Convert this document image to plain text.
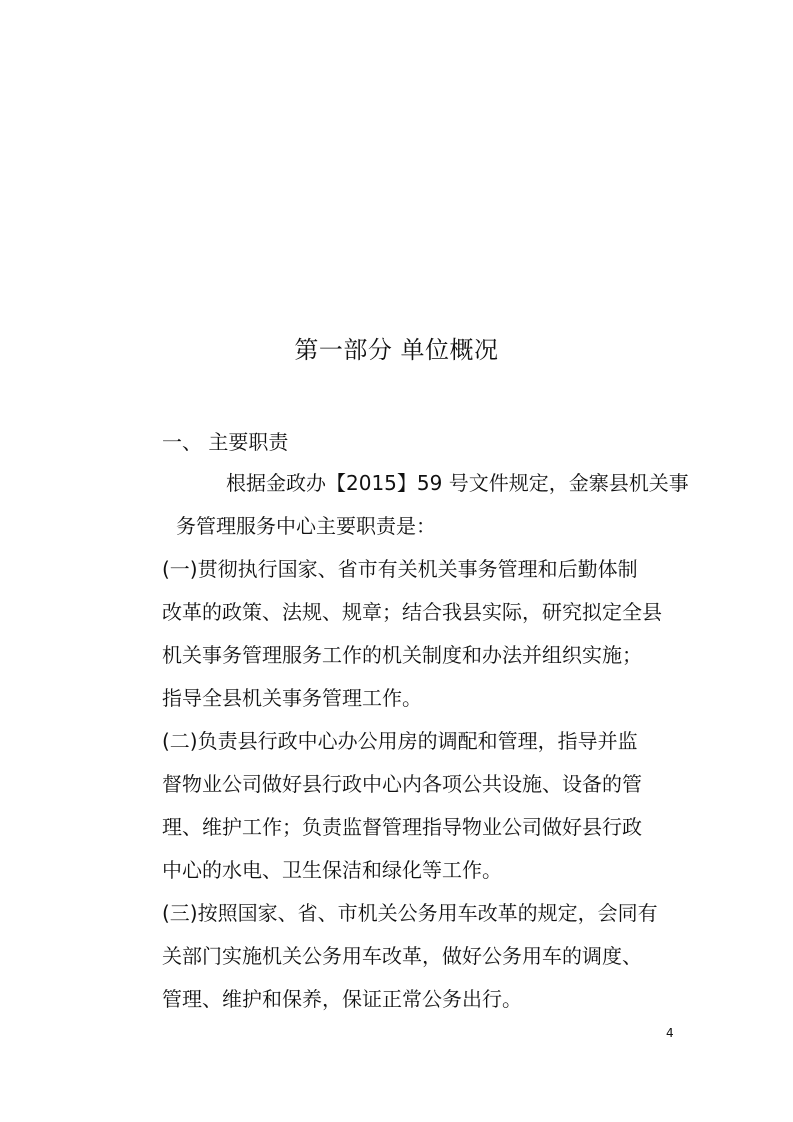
第一部分 单位概况
一、 主要职责
根据金政办【2015】59 号文件规定，金寨县机关事
务管理服务中心主要职责是：
(一)贯彻执行国家、省市有关机关事务管理和后勤体制
改革的政策、法规、规章；结合我县实际，研究拟定全县
机关事务管理服务工作的机关制度和办法并组织实施；
指导全县机关事务管理工作。
(二)负责县行政中心办公用房的调配和管理，指导并监
督物业公司做好县行政中心内各项公共设施、设备的管
理、维护工作；负责监督管理指导物业公司做好县行政
中心的水电、卫生保洁和绿化等工作。
(三)按照国家、省、市机关公务用车改革的规定，会同有
关部门实施机关公务用车改革，做好公务用车的调度、
管理、维护和保养，保证正常公务出行。
4
